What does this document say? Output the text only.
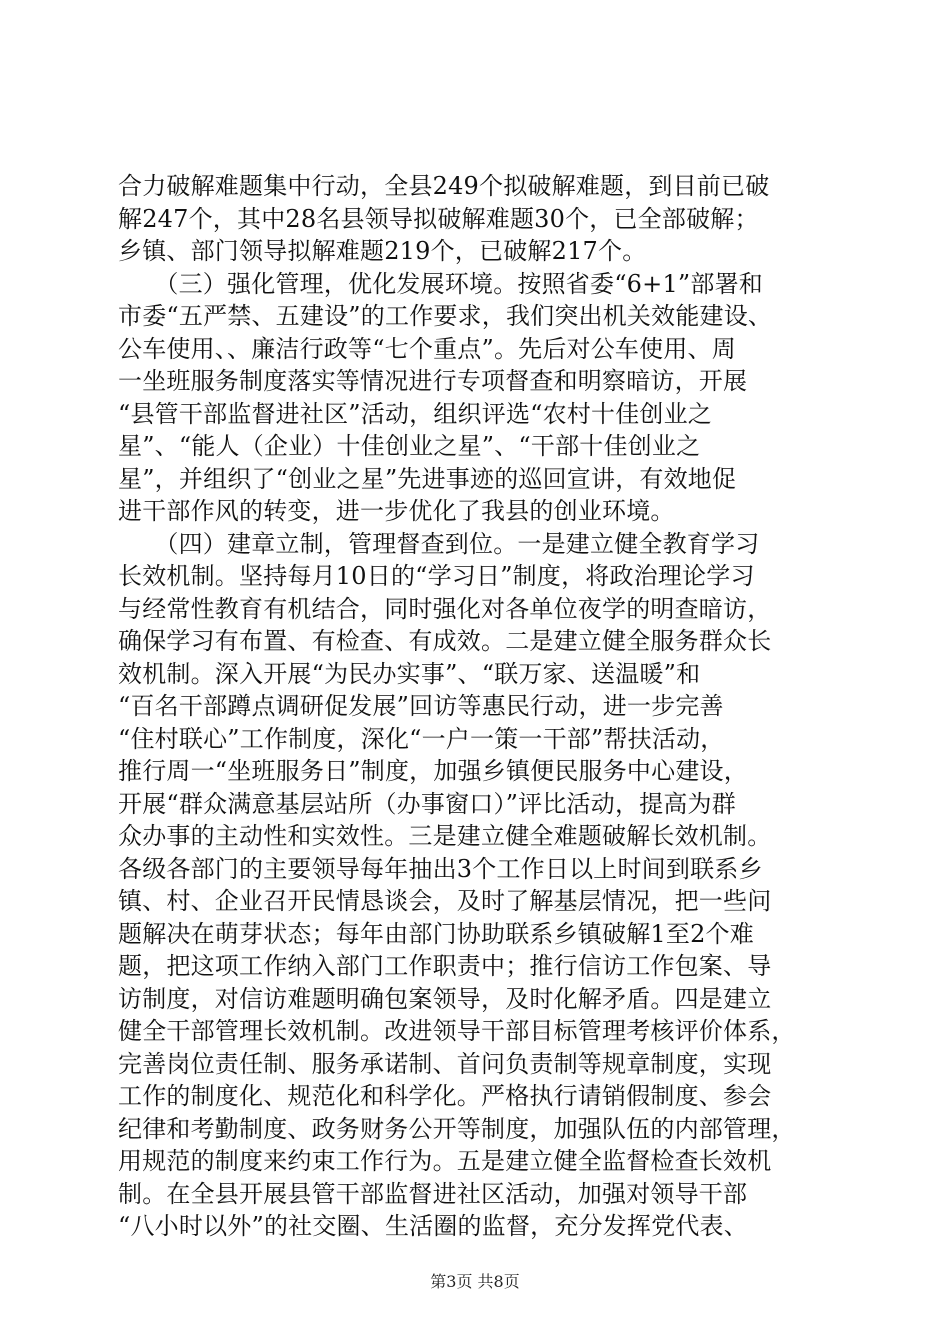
合力破解难题集中行动，全县249个拟破解难题，到目前已破
解247个，其中28名县领导拟破解难题30个，已全部破解；
乡镇、部门领导拟解难题219个，已破解217个。
　　（三）强化管理，优化发展环境。按照省委“6+1”部署和
市委“五严禁、五建设”的工作要求，我们突出机关效能建设、
公车使用、、廉洁行政等“七个重点”。先后对公车使用、周
一坐班服务制度落实等情况进行专项督查和明察暗访，开展
“县管干部监督进社区”活动，组织评选“农村十佳创业之
星”、“能人（企业）十佳创业之星”、“干部十佳创业之
星”，并组织了“创业之星”先进事迹的巡回宣讲，有效地促
进干部作风的转变，进一步优化了我县的创业环境。
　　（四）建章立制，管理督查到位。一是建立健全教育学习
长效机制。坚持每月10日的“学习日”制度，将政治理论学习
与经常性教育有机结合，同时强化对各单位夜学的明查暗访，
确保学习有布置、有检查、有成效。二是建立健全服务群众长
效机制。深入开展“为民办实事”、“联万家、送温暖”和
“百名干部蹲点调研促发展”回访等惠民行动，进一步完善
“住村联心”工作制度，深化“一户一策一干部”帮扶活动，
推行周一“坐班服务日”制度，加强乡镇便民服务中心建设，
开展“群众满意基层站所（办事窗口）”评比活动，提高为群
众办事的主动性和实效性。三是建立健全难题破解长效机制。
各级各部门的主要领导每年抽出3个工作日以上时间到联系乡
镇、村、企业召开民情恳谈会，及时了解基层情况，把一些问
题解决在萌芽状态；每年由部门协助联系乡镇破解1至2个难
题，把这项工作纳入部门工作职责中；推行信访工作包案、导
访制度，对信访难题明确包案领导，及时化解矛盾。四是建立
健全干部管理长效机制。改进领导干部目标管理考核评价体系，
完善岗位责任制、服务承诺制、首问负责制等规章制度，实现
工作的制度化、规范化和科学化。严格执行请销假制度、参会
纪律和考勤制度、政务财务公开等制度，加强队伍的内部管理，
用规范的制度来约束工作行为。五是建立健全监督检查长效机
制。在全县开展县管干部监督进社区活动，加强对领导干部
“八小时以外”的社交圈、生活圈的监督，充分发挥党代表、
第3页 共8页
